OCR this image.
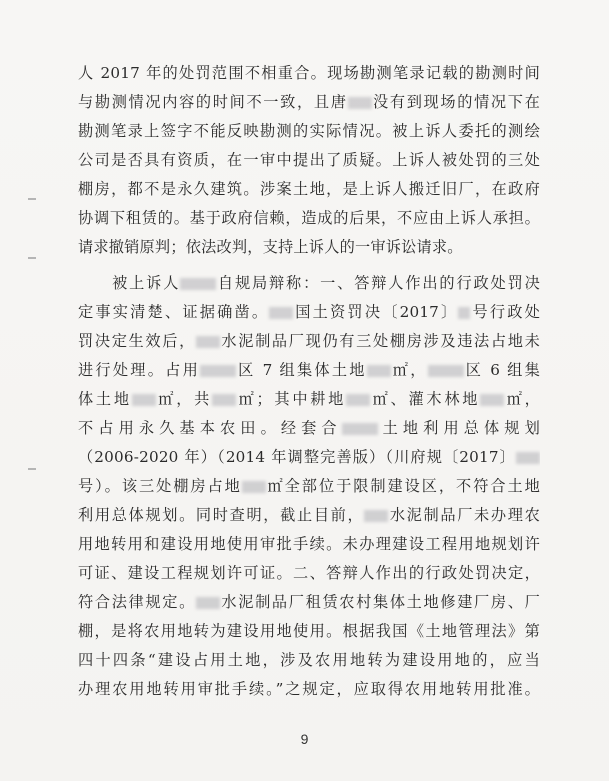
人 2017 年的处罚范围不相重合。现场勘测笔录记载的勘测时间
与勘测情况内容的时间不一致，且唐 没有到现场的情况下在
勘测笔录上签字不能反映勘测的实际情况。被上诉人委托的测绘
公司是否具有资质，在一审中提出了质疑。上诉人被处罚的三处
棚房，都不是永久建筑。涉案土地，是上诉人搬迁旧厂，在政府
协调下租赁的。基于政府信赖，造成的后果，不应由上诉人承担。
请求撤销原判；依法改判，支持上诉人的一审诉讼请求。
　　被上诉人 自规局辩称：一、答辩人作出的行政处罚决
定事实清楚、证据确凿。 国土资罚决〔2017〕 号行政处
罚决定生效后， 水泥制品厂现仍有三处棚房涉及违法占地未
进行处理。占用 区 7 组集体土地 ㎡， 区 6 组集
体土地 ㎡，共 ㎡；其中耕地 ㎡、灌木林地 ㎡，
不占用永久基本农田。经套合 土地利用总体规划
（2006-2020 年）（2014 年调整完善版）（川府规〔2017〕
号）。该三处棚房占地 ㎡全部位于限制建设区，不符合土地
利用总体规划。同时查明，截止目前， 水泥制品厂未办理农
用地转用和建设用地使用审批手续。未办理建设工程用地规划许
可证、建设工程规划许可证。二、答辩人作出的行政处罚决定，
符合法律规定。 水泥制品厂租赁农村集体土地修建厂房、厂
棚，是将农用地转为建设用地使用。根据我国《土地管理法》第
四十四条“建设占用土地，涉及农用地转为建设用地的，应当
办理农用地转用审批手续。”之规定，应取得农用地转用批准。
9
